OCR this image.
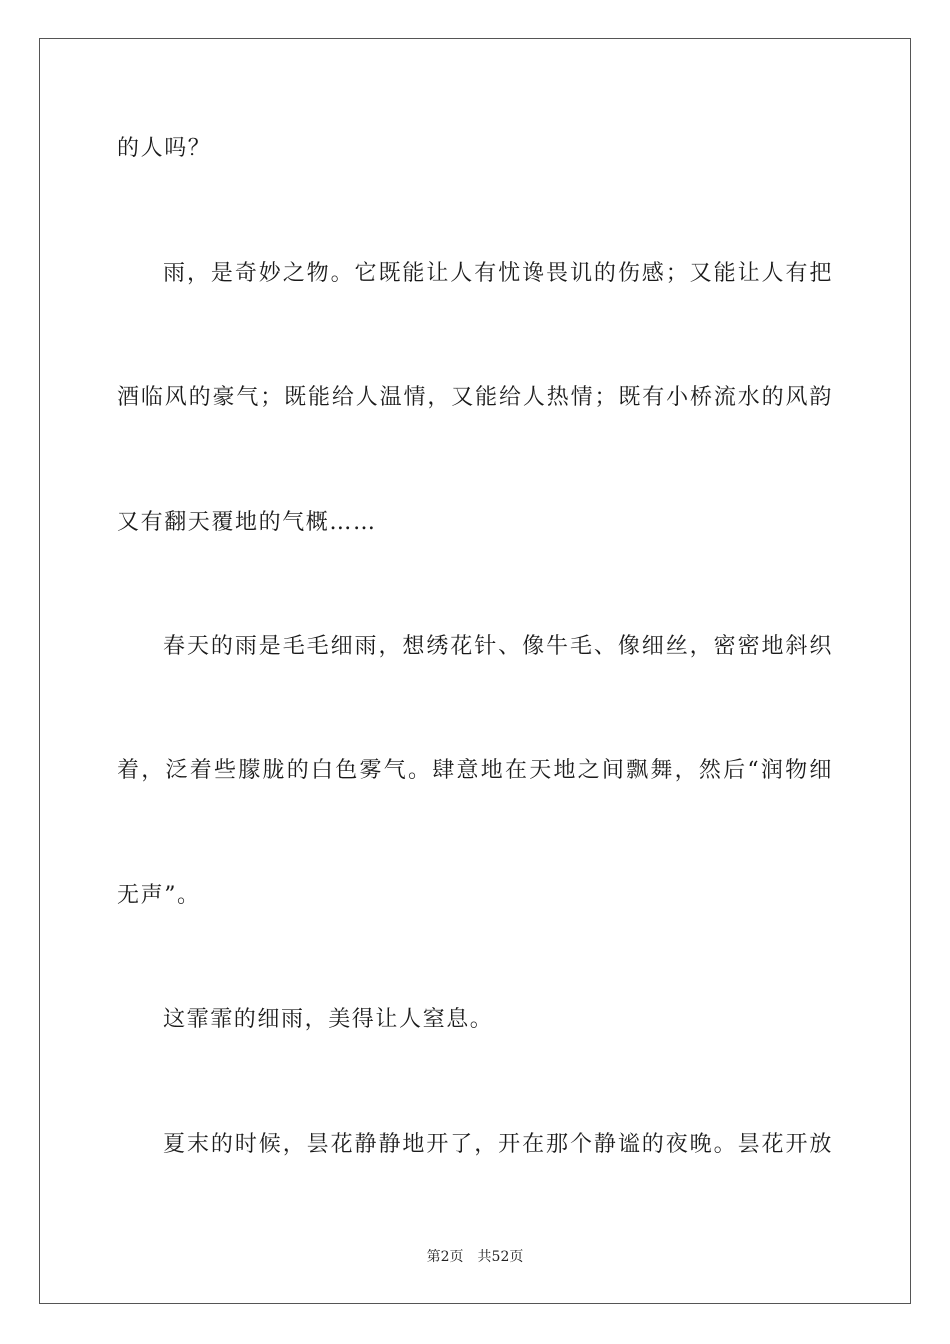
的人吗？
雨，是奇妙之物。它既能让人有忧谗畏讥的伤感；又能让人有把
酒临风的豪气；既能给人温情，又能给人热情；既有小桥流水的风韵
又有翻天覆地的气概……
春天的雨是毛毛细雨，想绣花针、像牛毛、像细丝，密密地斜织
着，泛着些朦胧的白色雾气。肆意地在天地之间飘舞，然后“润物细
无声”。
这霏霏的细雨，美得让人窒息。
夏末的时候，昙花静静地开了，开在那个静谧的夜晚。昙花开放
第2页 共52页
